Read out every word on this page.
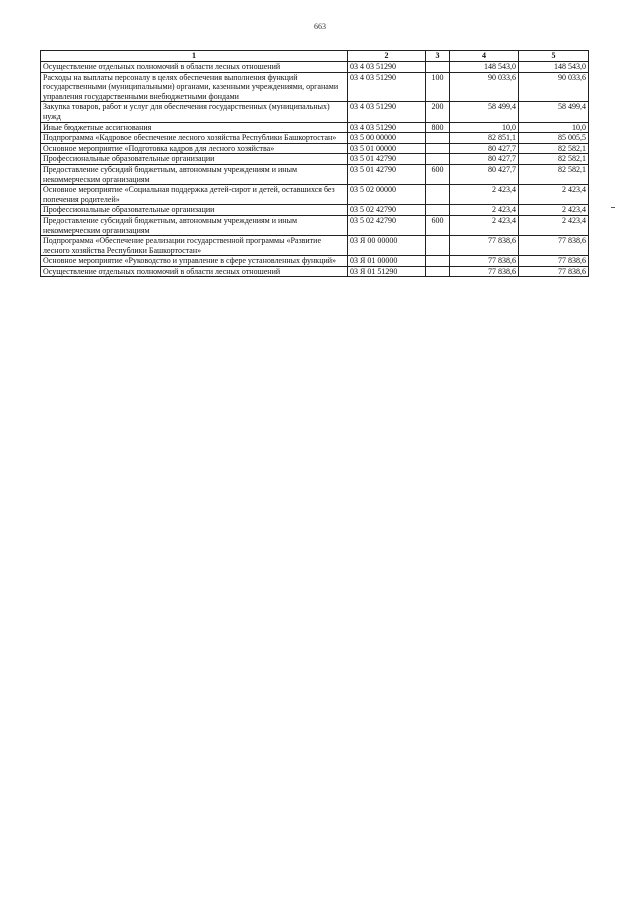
663
1	2	3	4	5
Осуществление отдельных полномочий в области лесных отношений	03 4 03 51290		148 543,0	148 543,0
Расходы на выплаты персоналу в целях обеспечения выполнения функций государственными (муниципальными) органами, казенными учреждениями, органами управления государственными внебюджетными фондами	03 4 03 51290	100	90 033,6	90 033,6
Закупка товаров, работ и услуг для обеспечения государственных (муниципальных) нужд	03 4 03 51290	200	58 499,4	58 499,4
Иные бюджетные ассигнования	03 4 03 51290	800	10,0	10,0
Подпрограмма «Кадровое обеспечение лесного хозяйства Республики Башкортостан»	03 5 00 00000		82 851,1	85 005,5
Основное мероприятие «Подготовка кадров для лесного хозяйства»	03 5 01 00000		80 427,7	82 582,1
Профессиональные образовательные организации	03 5 01 42790		80 427,7	82 582,1
Предоставление субсидий бюджетным, автономным учреждениям и иным некоммерческим организациям	03 5 01 42790	600	80 427,7	82 582,1
Основное мероприятие «Социальная поддержка детей-сирот и детей, оставшихся без попечения родителей»	03 5 02 00000		2 423,4	2 423,4
Профессиональные образовательные организации	03 5 02 42790		2 423,4	2 423,4
Предоставление субсидий бюджетным, автономным учреждениям и иным некоммерческим организациям	03 5 02 42790	600	2 423,4	2 423,4
Подпрограмма «Обеспечение реализации государственной программы «Развитие лесного хозяйства Республики Башкортостан»	03 Я 00 00000		77 838,6	77 838,6
Основное мероприятие «Руководство и управление в сфере установленных функций»	03 Я 01 00000		77 838,6	77 838,6
Осуществление отдельных полномочий в области лесных отношений	03 Я 01 51290		77 838,6	77 838,6
